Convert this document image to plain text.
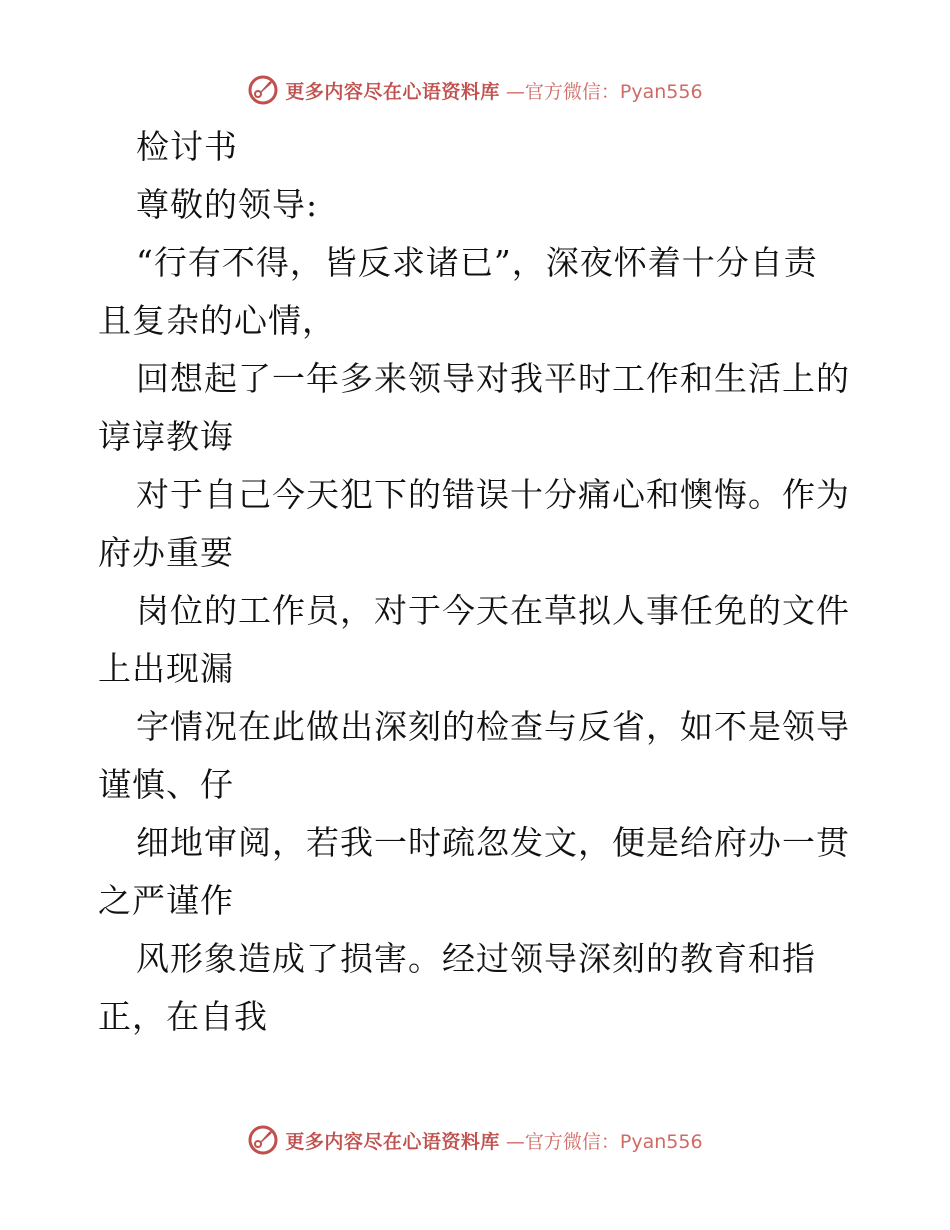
更多内容尽在心语资料库 —官方微信：Pyan556
检讨书
尊敬的领导:
“行有不得，皆反求诸已”，深夜怀着十分自责
且复杂的心情，
回想起了一年多来领导对我平时工作和生活上的
谆谆教诲
对于自己今天犯下的错误十分痛心和懊悔。作为
府办重要
岗位的工作员，对于今天在草拟人事任免的文件
上出现漏
字情况在此做出深刻的检查与反省，如不是领导
谨慎、仔
细地审阅，若我一时疏忽发文，便是给府办一贯
之严谨作
风形象造成了损害。经过领导深刻的教育和指
正，在自我
更多内容尽在心语资料库 —官方微信：Pyan556
